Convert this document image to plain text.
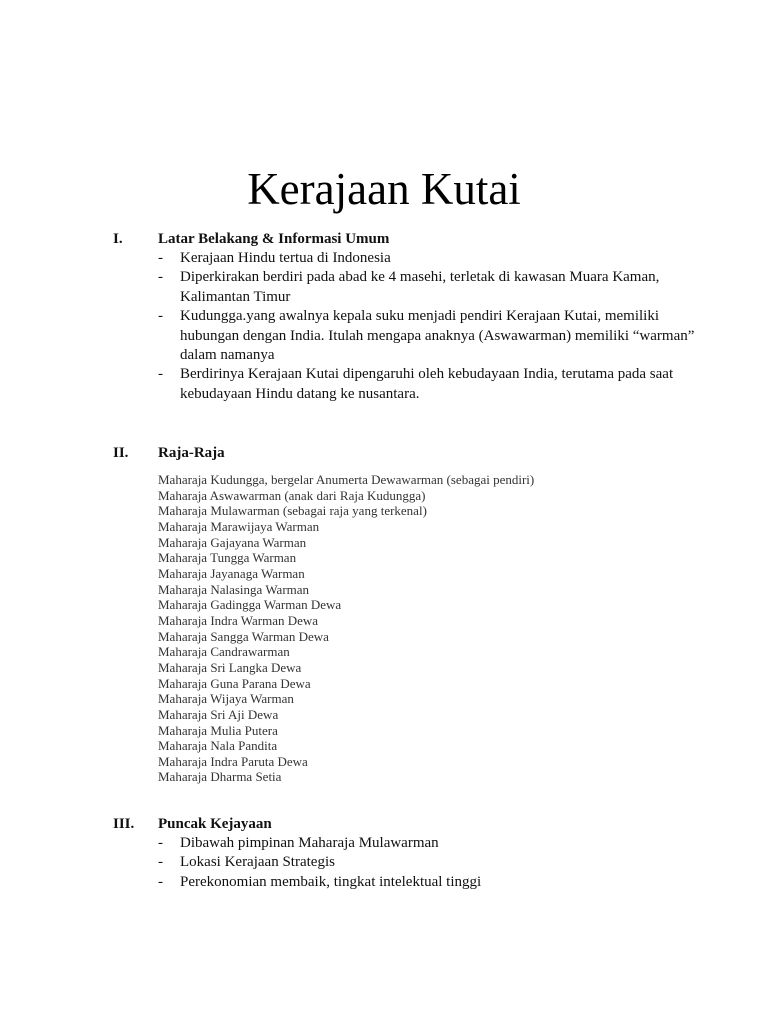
Kerajaan Kutai
I. Latar Belakang & Informasi Umum
- Kerajaan Hindu tertua di Indonesia
- Diperkirakan berdiri pada abad ke 4 masehi, terletak di kawasan Muara Kaman, Kalimantan Timur
- Kudungga.yang awalnya kepala suku menjadi pendiri Kerajaan Kutai, memiliki hubungan dengan India. Itulah mengapa anaknya (Aswawarman) memiliki “warman” dalam namanya
- Berdirinya Kerajaan Kutai dipengaruhi oleh kebudayaan India, terutama pada saat kebudayaan Hindu datang ke nusantara.
II. Raja-Raja
Maharaja Kudungga, bergelar Anumerta Dewawarman (sebagai pendiri)
Maharaja Aswawarman (anak dari Raja Kudungga)
Maharaja Mulawarman (sebagai raja yang terkenal)
Maharaja Marawijaya Warman
Maharaja Gajayana Warman
Maharaja Tungga Warman
Maharaja Jayanaga Warman
Maharaja Nalasinga Warman
Maharaja Gadingga Warman Dewa
Maharaja Indra Warman Dewa
Maharaja Sangga Warman Dewa
Maharaja Candrawarman
Maharaja Sri Langka Dewa
Maharaja Guna Parana Dewa
Maharaja Wijaya Warman
Maharaja Sri Aji Dewa
Maharaja Mulia Putera
Maharaja Nala Pandita
Maharaja Indra Paruta Dewa
Maharaja Dharma Setia
III. Puncak Kejayaan
- Dibawah pimpinan Maharaja Mulawarman
- Lokasi Kerajaan Strategis
- Perekonomian membaik, tingkat intelektual tinggi
